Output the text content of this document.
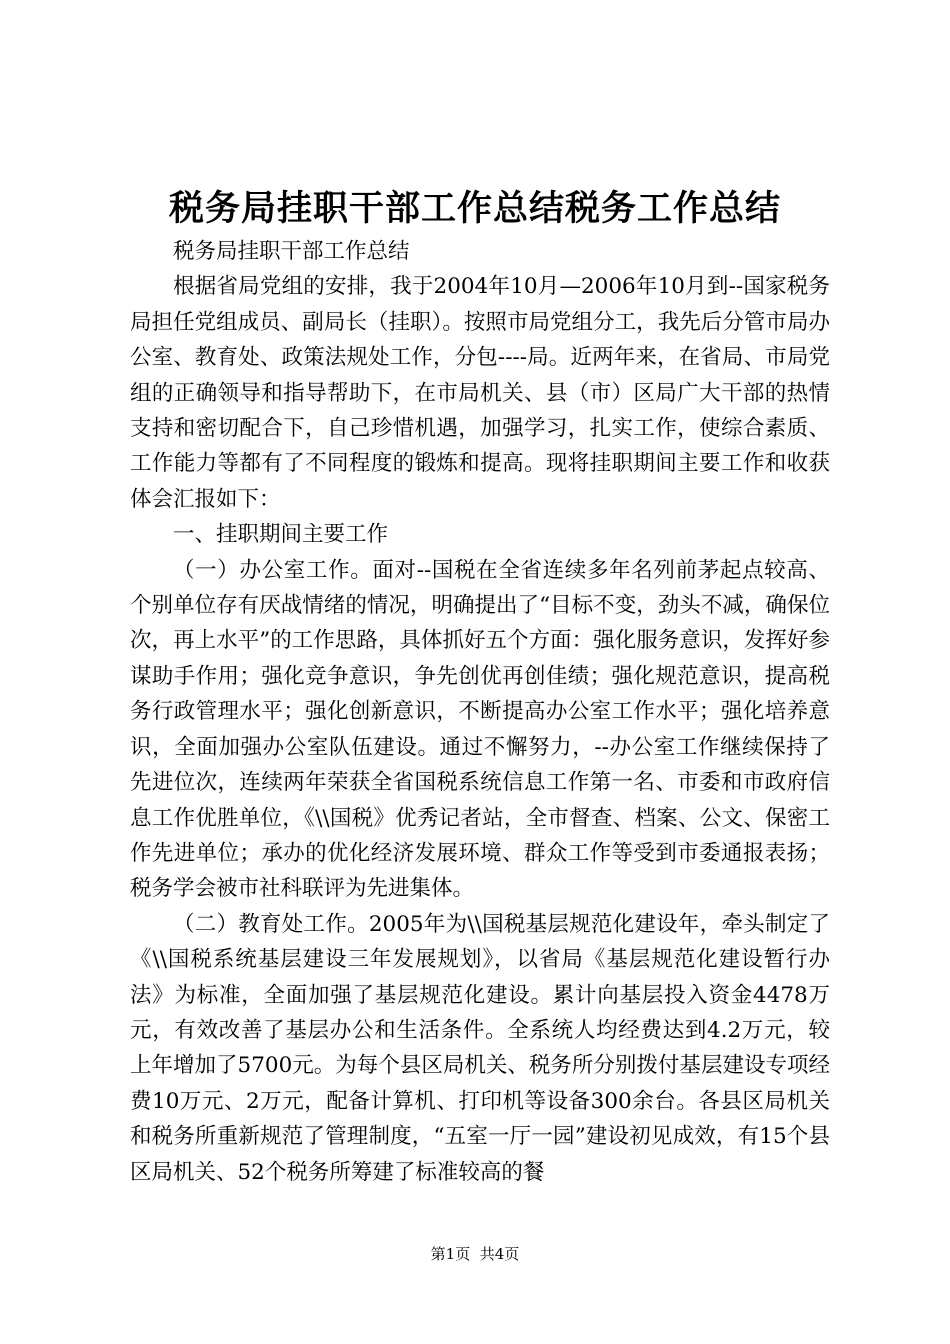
税务局挂职干部工作总结税务工作总结

税务局挂职干部工作总结

根据省局党组的安排，我于2004年10月—2006年10月到--国家税务局担任党组成员、副局长（挂职）。按照市局党组分工，我先后分管市局办公室、教育处、政策法规处工作，分包----局。近两年来，在省局、市局党组的正确领导和指导帮助下，在市局机关、县（市）区局广大干部的热情支持和密切配合下，自己珍惜机遇，加强学习，扎实工作，使综合素质、工作能力等都有了不同程度的锻炼和提高。现将挂职期间主要工作和收获体会汇报如下：

一、挂职期间主要工作

（一）办公室工作。面对--国税在全省连续多年名列前茅起点较高、个别单位存有厌战情绪的情况，明确提出了“目标不变，劲头不减，确保位次，再上水平”的工作思路，具体抓好五个方面：强化服务意识，发挥好参谋助手作用；强化竞争意识，争先创优再创佳绩；强化规范意识，提高税务行政管理水平；强化创新意识，不断提高办公室工作水平；强化培养意识，全面加强办公室队伍建设。通过不懈努力，--办公室工作继续保持了先进位次，连续两年荣获全省国税系统信息工作第一名、市委和市政府信息工作优胜单位，《\\国税》优秀记者站，全市督查、档案、公文、保密工作先进单位；承办的优化经济发展环境、群众工作等受到市委通报表扬；税务学会被市社科联评为先进集体。

（二）教育处工作。2005年为\\国税基层规范化建设年，牵头制定了《\\国税系统基层建设三年发展规划》，以省局《基层规范化建设暂行办法》为标准，全面加强了基层规范化建设。累计向基层投入资金4478万元，有效改善了基层办公和生活条件。全系统人均经费达到4.2万元，较上年增加了5700元。为每个县区局机关、税务所分别拨付基层建设专项经费10万元、2万元，配备计算机、打印机等设备300余台。各县区局机关和税务所重新规范了管理制度，“五室一厅一园”建设初见成效，有15个县区局机关、52个税务所筹建了标准较高的餐

第1页 共4页
